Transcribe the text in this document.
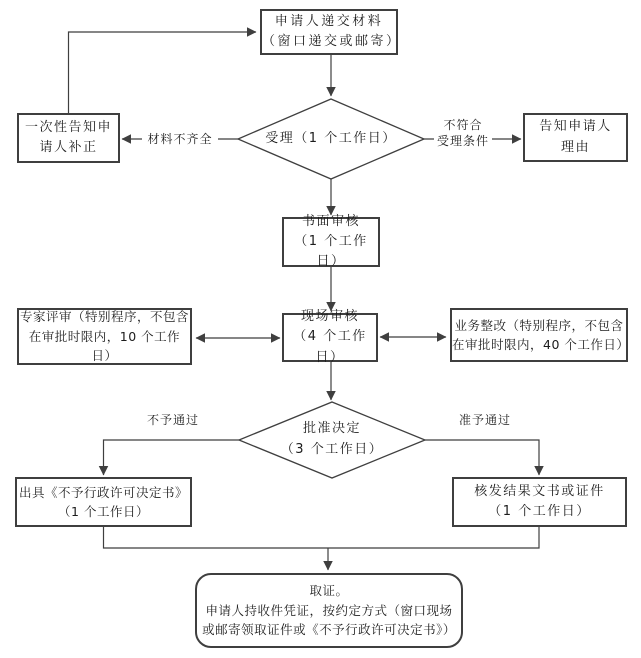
申请人递交材料
（窗口递交或邮寄）
一次性告知申
请人补正
告知申请人
理由
书面审核
（1 个工作日）
专家评审（特别程序，不包含
在审批时限内，10 个工作日）
现场审核
（4 个工作日）
业务整改（特别程序，不包含
在审批时限内，40 个工作日）
出具《不予行政许可决定书》
（1 个工作日）
核发结果文书或证件
（1 个工作日）
取证。
申请人持收件凭证，按约定方式（窗口现场
或邮寄领取证件或《不予行政许可决定书》）
受理（1 个工作日）
批准决定
（3 个工作日）
材料不齐全
不符合
受理条件
不予通过	准予通过
